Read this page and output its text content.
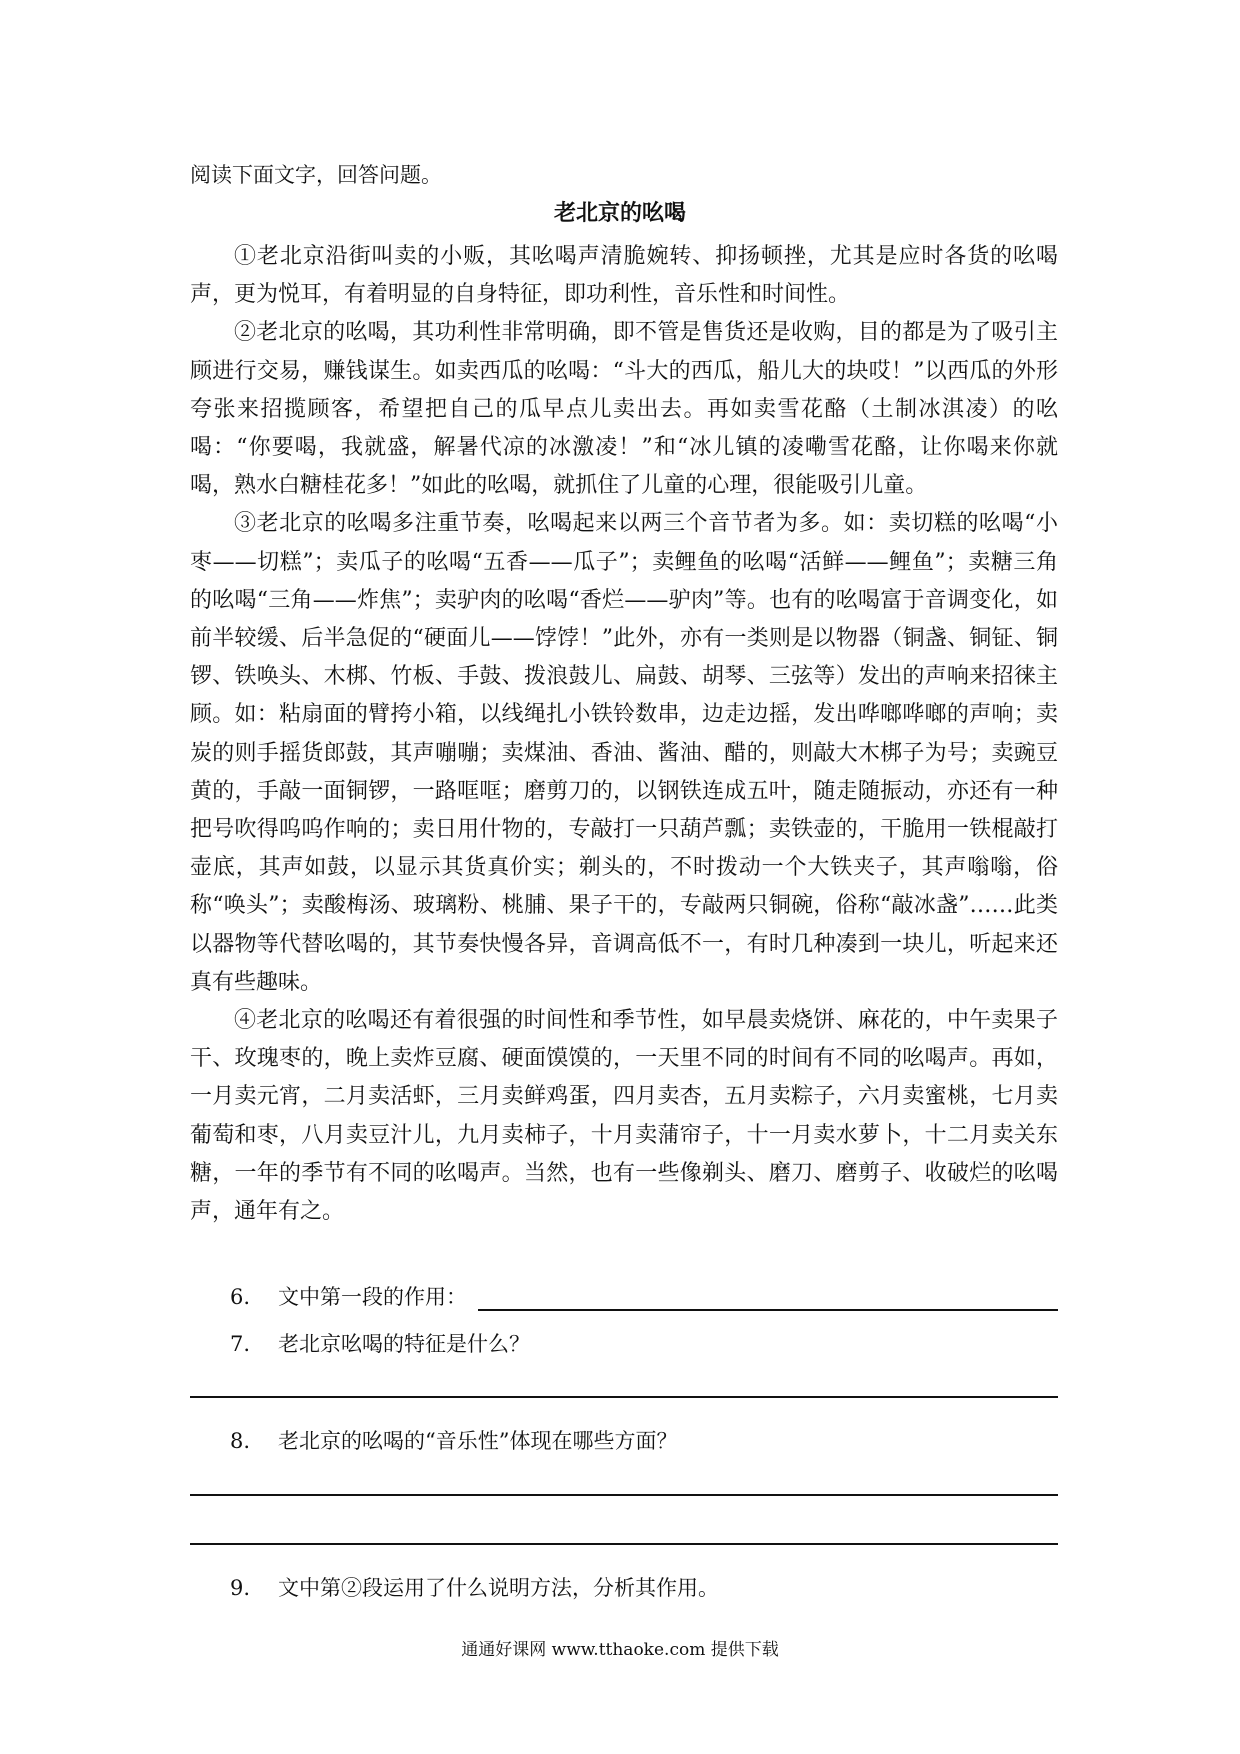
阅读下面文字，回答问题。
老北京的吆喝

①老北京沿街叫卖的小贩，其吆喝声清脆婉转、抑扬顿挫，尤其是应时各货的吆喝声，更为悦耳，有着明显的自身特征，即功利性，音乐性和时间性。

②老北京的吆喝，其功利性非常明确，即不管是售货还是收购，目的都是为了吸引主顾进行交易，赚钱谋生。如卖西瓜的吆喝：“斗大的西瓜，船儿大的块哎！”以西瓜的外形夸张来招揽顾客，希望把自己的瓜早点儿卖出去。再如卖雪花酪（土制冰淇凌）的吆喝：“你要喝，我就盛，解暑代凉的冰激凌！”和“冰儿镇的凌嘞雪花酪，让你喝来你就喝，熟水白糖桂花多！”如此的吆喝，就抓住了儿童的心理，很能吸引儿童。

③老北京的吆喝多注重节奏，吆喝起来以两三个音节者为多。如：卖切糕的吆喝“小枣——切糕”；卖瓜子的吆喝“五香——瓜子”；卖鲤鱼的吆喝“活鲜——鲤鱼”；卖糖三角的吆喝“三角——炸焦”；卖驴肉的吆喝“香烂——驴肉”等。也有的吆喝富于音调变化，如前半较缓、后半急促的“硬面儿——饽饽！”此外，亦有一类则是以物器（铜盏、铜钲、铜锣、铁唤头、木梆、竹板、手鼓、拨浪鼓儿、扁鼓、胡琴、三弦等）发出的声响来招徕主顾。如：粘扇面的臂挎小箱，以线绳扎小铁铃数串，边走边摇，发出哗啷哗啷的声响；卖炭的则手摇货郎鼓，其声嘣嘣；卖煤油、香油、酱油、醋的，则敲大木梆子为号；卖豌豆黄的，手敲一面铜锣，一路哐哐；磨剪刀的，以钢铁连成五叶，随走随振动，亦还有一种把号吹得呜呜作响的；卖日用什物的，专敲打一只葫芦瓢；卖铁壶的，干脆用一铁棍敲打壶底，其声如鼓，以显示其货真价实；剃头的，不时拨动一个大铁夹子，其声嗡嗡，俗称“唤头”；卖酸梅汤、玻璃粉、桃脯、果子干的，专敲两只铜碗，俗称“敲冰盏”……此类以器物等代替吆喝的，其节奏快慢各异，音调高低不一，有时几种凑到一块儿，听起来还真有些趣味。

④老北京的吆喝还有着很强的时间性和季节性，如早晨卖烧饼、麻花的，中午卖果子干、玫瑰枣的，晚上卖炸豆腐、硬面馍馍的，一天里不同的时间有不同的吆喝声。再如，一月卖元宵，二月卖活虾，三月卖鲜鸡蛋，四月卖杏，五月卖粽子，六月卖蜜桃，七月卖葡萄和枣，八月卖豆汁儿，九月卖柿子，十月卖蒲帘子，十一月卖水萝卜，十二月卖关东糖，一年的季节有不同的吆喝声。当然，也有一些像剃头、磨刀、磨剪子、收破烂的吆喝声，通年有之。

6. 文中第一段的作用：
7. 老北京吆喝的特征是什么？
8. 老北京的吆喝的“音乐性”体现在哪些方面？
9. 文中第②段运用了什么说明方法，分析其作用。
通通好课网 www.tthaoke.com 提供下载
